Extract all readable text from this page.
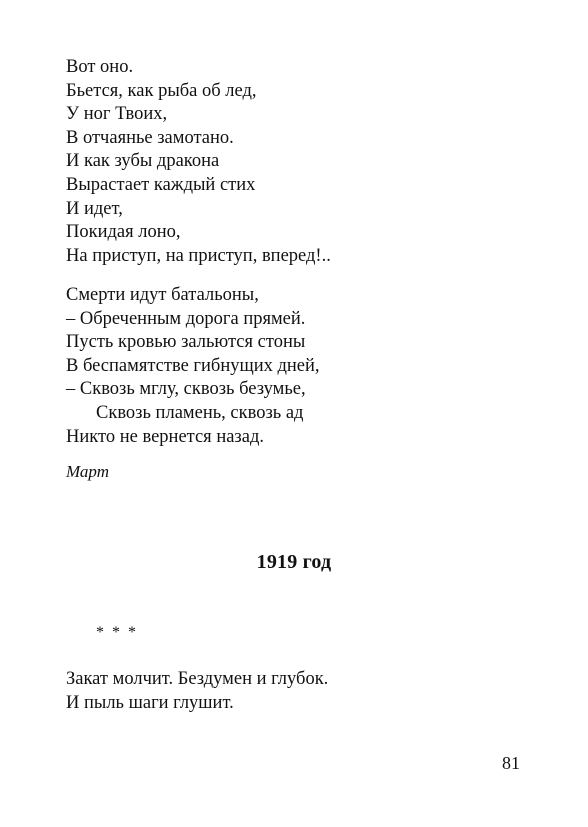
Вот оно.
Бьется, как рыба об лед,
У ног Твоих,
В отчаянье замотано.
И как зубы дракона
Вырастает каждый стих
И идет,
Покидая лоно,
На приступ, на приступ, вперед!..
Смерти идут батальоны,
– Обреченным дорога прямей.
Пусть кровью зальются стоны
В беспамятстве гибнущих дней,
– Сквозь мглу, сквозь безумье,
Сквозь пламень, сквозь ад
Никто не вернется назад.
Март
1919 год
* * *
Закат молчит. Бездумен и глубок.
И пыль шаги глушит.
81
